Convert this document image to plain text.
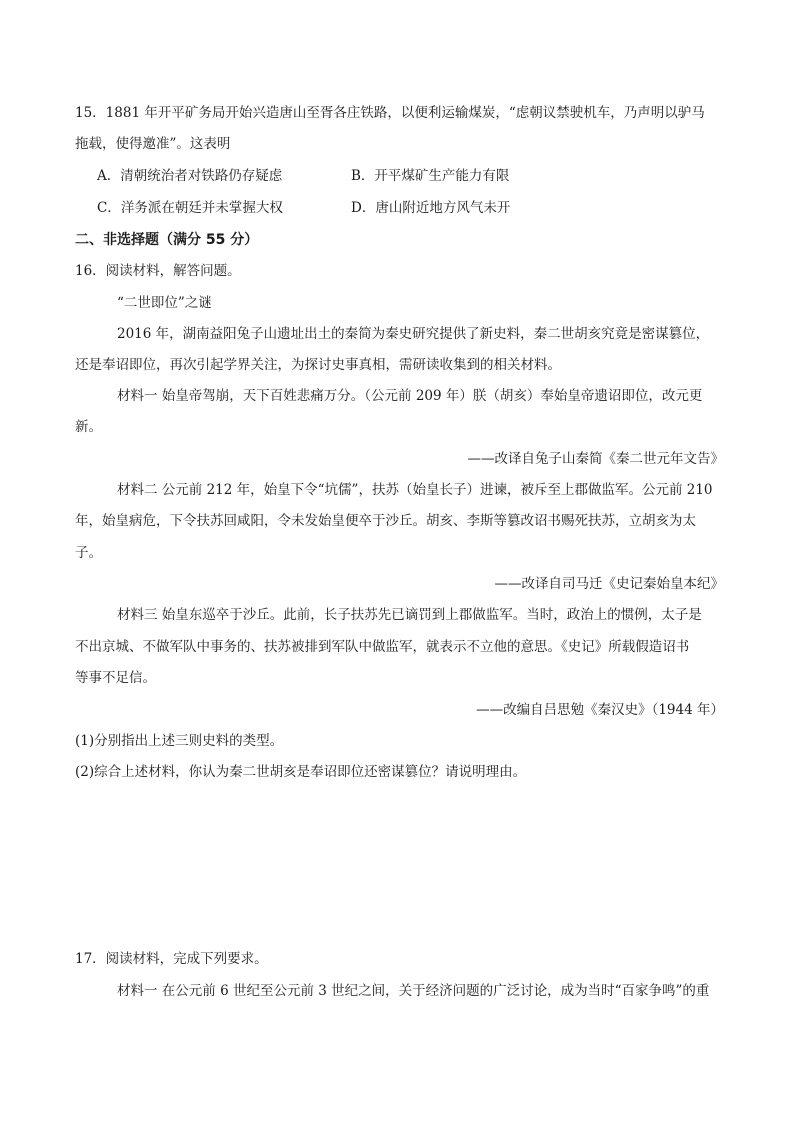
15．1881 年开平矿务局开始兴造唐山至胥各庄铁路，以便利运输煤炭，“虑朝议禁驶机车，乃声明以驴马
拖载，使得邀准”。这表明
A．清朝统治者对铁路仍存疑虑	B．开平煤矿生产能力有限
C．洋务派在朝廷并未掌握大权	D．唐山附近地方风气未开
二、非选择题（满分 55 分）
16．阅读材料，解答问题。
“二世即位”之谜
2016 年，湖南益阳兔子山遗址出土的秦简为秦史研究提供了新史料，秦二世胡亥究竟是密谋篡位，
还是奉诏即位，再次引起学界关注，为探讨史事真相，需研读收集到的相关材料。
材料一 始皇帝驾崩，天下百姓悲痛万分。（公元前 209 年）朕（胡亥）奉始皇帝遗诏即位，改元更
新。
——改译自兔子山秦简《秦二世元年文告》
材料二 公元前 212 年，始皇下令“坑儒”，扶苏（始皇长子）进谏，被斥至上郡做监军。公元前 210
年，始皇病危，下令扶苏回咸阳，令未发始皇便卒于沙丘。胡亥、李斯等篡改诏书赐死扶苏，立胡亥为太
子。
——改译自司马迁《史记秦始皇本纪》
材料三 始皇东巡卒于沙丘。此前，长子扶苏先已谪罚到上郡做监军。当时，政治上的惯例，太子是
不出京城、不做军队中事务的、扶苏被排到军队中做监军，就表示不立他的意思。《史记》所载假造诏书
等事不足信。
——改编自吕思勉《秦汉史》（1944 年）
(1)分别指出上述三则史料的类型。
(2)综合上述材料，你认为秦二世胡亥是奉诏即位还密谋篡位？请说明理由。
17．阅读材料，完成下列要求。
材料一 在公元前 6 世纪至公元前 3 世纪之间，关于经济问题的广泛讨论，成为当时“百家争鸣”的重
